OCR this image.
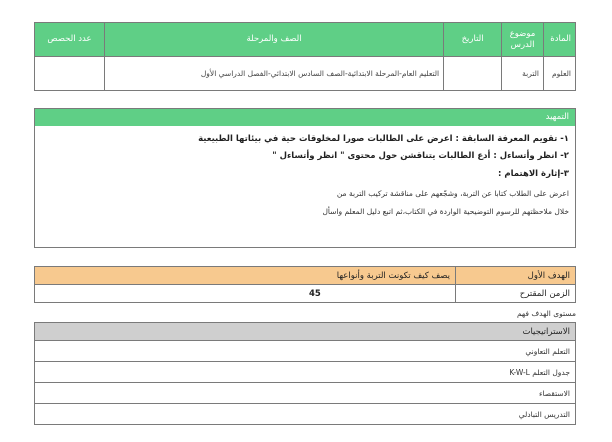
المادة	موضوع الدرس	التاريخ	الصف والمرحلة	عدد الحصص
العلوم	التربة		التعليم العام-المرحلة الابتدائية-الصف السادس الابتدائي-الفصل الدراسي الأول	
التمهيد
١- تقويم المعرفة السابقة : اعرض على الطالبات صورا لمخلوقات حية في بيئاتها الطبيعية
٢- انظر وأتساءل : أدع الطالبات يتناقشن حول محتوى " انظر وأتساءل "
٣-إثارة الاهتمام :
اعرض على الطلاب كتابا عن التربة، وشجّعهم على مناقشة تركيب التربة من
خلال ملاحظتهم للرسوم التوضيحية الواردة في الكتاب،ثم اتبع دليل المعلم واسأل
الهدف الأول	يصف كيف تكونت التربة وأنواعها
الزمن المقترح	45
مستوى الهدف فهم
الاستراتيجيات
التعلم التعاوني
جدول التعلم K-W-L
الاستقصاء
التدريس التبادلي
